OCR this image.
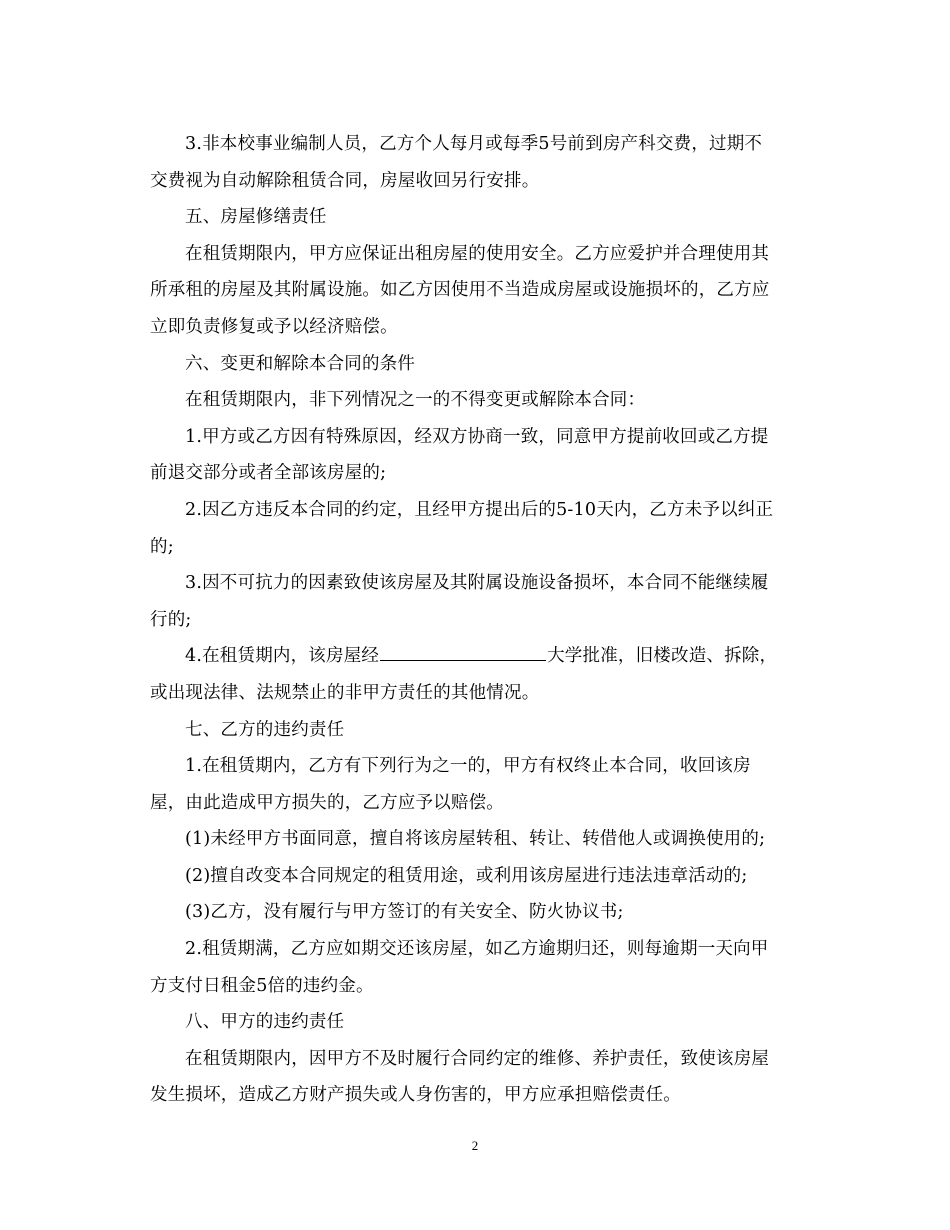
3.非本校事业编制人员，乙方个人每月或每季5号前到房产科交费，过期不
交费视为自动解除租赁合同，房屋收回另行安排。
五、房屋修缮责任
在租赁期限内，甲方应保证出租房屋的使用安全。乙方应爱护并合理使用其
所承租的房屋及其附属设施。如乙方因使用不当造成房屋或设施损坏的，乙方应
立即负责修复或予以经济赔偿。
六、变更和解除本合同的条件
在租赁期限内，非下列情况之一的不得变更或解除本合同：
1.甲方或乙方因有特殊原因，经双方协商一致，同意甲方提前收回或乙方提
前退交部分或者全部该房屋的;
2.因乙方违反本合同的约定，且经甲方提出后的5-10天内，乙方未予以纠正
的;
3.因不可抗力的因素致使该房屋及其附属设施设备损坏，本合同不能继续履
行的;
4.在租赁期内，该房屋经	大学批准，旧楼改造、拆除，
或出现法律、法规禁止的非甲方责任的其他情况。
七、乙方的违约责任
1.在租赁期内，乙方有下列行为之一的，甲方有权终止本合同，收回该房
屋，由此造成甲方损失的，乙方应予以赔偿。
(1)未经甲方书面同意，擅自将该房屋转租、转让、转借他人或调换使用的;
(2)擅自改变本合同规定的租赁用途，或利用该房屋进行违法违章活动的;
(3)乙方，没有履行与甲方签订的有关安全、防火协议书;
2.租赁期满，乙方应如期交还该房屋，如乙方逾期归还，则每逾期一天向甲
方支付日租金5倍的违约金。
八、甲方的违约责任
在租赁期限内，因甲方不及时履行合同约定的维修、养护责任，致使该房屋
发生损坏，造成乙方财产损失或人身伤害的，甲方应承担赔偿责任。
2
